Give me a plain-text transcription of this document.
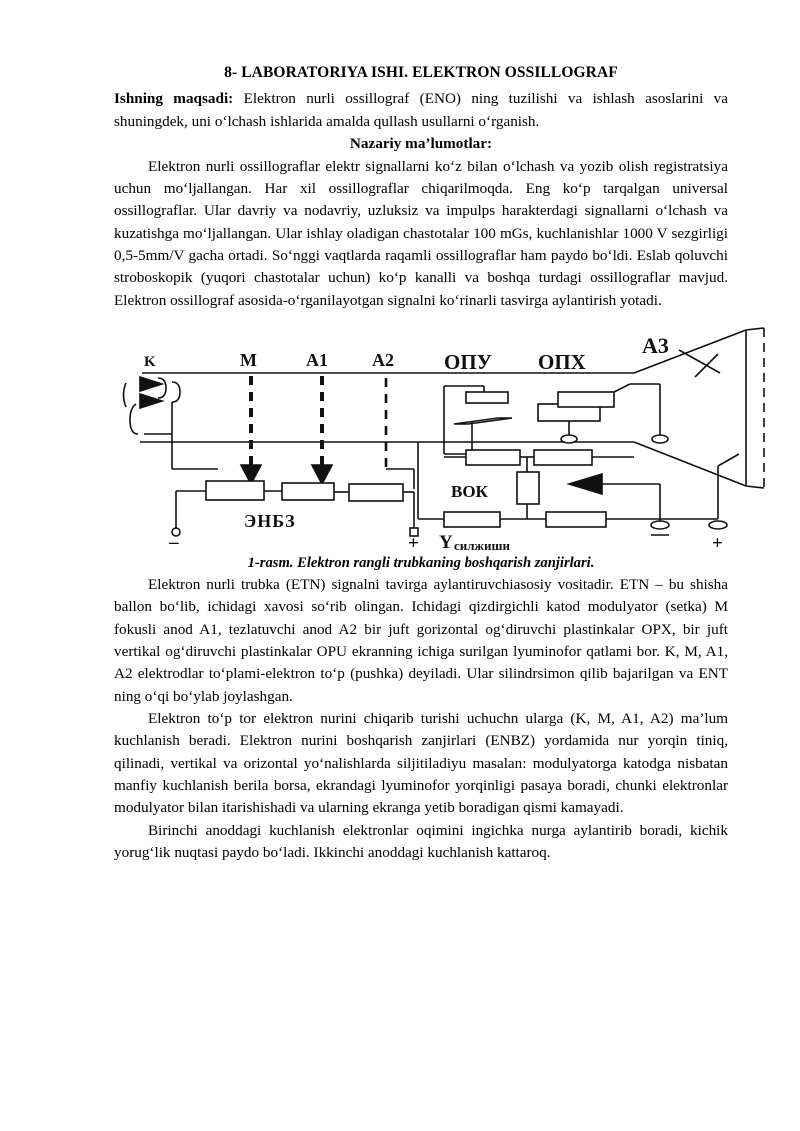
8- LABORATORIYA ISHI. ELEKTRON OSSILLOGRAF

Ishning maqsadi: Elektron nurli ossillograf (ENO) ning tuzilishi va ishlash asoslarini va shuningdek, uni o‘lchash ishlarida amalda qullash usullarni o‘rganish.

Nazariy ma’lumotlar:

Elektron nurli ossillograflar elektr signallarni ko‘z bilan o‘lchash va yozib olish registratsiya uchun mo‘ljallangan. Har xil ossillograflar chiqarilmoqda. Eng ko‘p tarqalgan universal ossillograflar. Ular davriy va nodavriy, uzluksiz va impulps harakterdagi signallarni o‘lchash va kuzatishga mo‘ljallangan. Ular ishlay oladigan chastotalar 100 mGs, kuchlanishlar 1000 V sezgirligi 0,5-5mm/V gacha ortadi. So‘nggi vaqtlarda raqamli ossillograflar ham paydo bo‘ldi. Eslab qoluvchi stroboskopik (yuqori chastotalar uchun) ko‘p kanalli va boshqa turdagi ossillograflar mavjud. Elektron ossillograf asosida-o‘rganilayotgan signalni ko‘rinarli tasvirga aylantirish yotadi.

K	M	A1 A2 ОПУ ОПХ
А3
ЭНБЗ
ВОК
Y силжиши
–	+	+

1-rasm. Elektron rangli trubkaning boshqarish zanjirlari.

Elektron nurli trubka (ETN) signalni tavirga aylantiruvchiasosiy vositadir. ETN – bu shisha ballon bo‘lib, ichidagi xavosi so‘rib olingan. Ichidagi qizdirgichli katod modulyator (setka) M fokusli anod A1, tezlatuvchi anod A2 bir juft gorizontal og‘diruvchi plastinkalar OPX, bir juft vertikal og‘diruvchi plastinkalar OPU ekranning ichiga surilgan lyuminofor qatlami bor. K, M, A1, A2 elektrodlar to‘plami-elektron to‘p (pushka) deyiladi. Ular silindrsimon qilib bajarilgan va ENT ning o‘qi bo‘ylab joylashgan.

Elektron to‘p tor elektron nurini chiqarib turishi uchuchn ularga (K, M, A1, A2) ma’lum kuchlanish beradi. Elektron nurini boshqarish zanjirlari (ENBZ) yordamida nur yorqin tiniq, qilinadi, vertikal va orizontal yo‘nalishlarda siljitiladiyu masalan: modulyatorga katodga nisbatan manfiy kuchlanish berila borsa, ekrandagi lyuminofor yorqinligi pasaya boradi, chunki elektronlar modulyator bilan itarishishadi va ularning ekranga yetib boradigan qismi kamayadi.

Birinchi anoddagi kuchlanish elektronlar oqimini ingichka nurga aylantirib boradi, kichik yorug‘lik nuqtasi paydo bo‘ladi. Ikkinchi anoddagi kuchlanish kattaroq.
